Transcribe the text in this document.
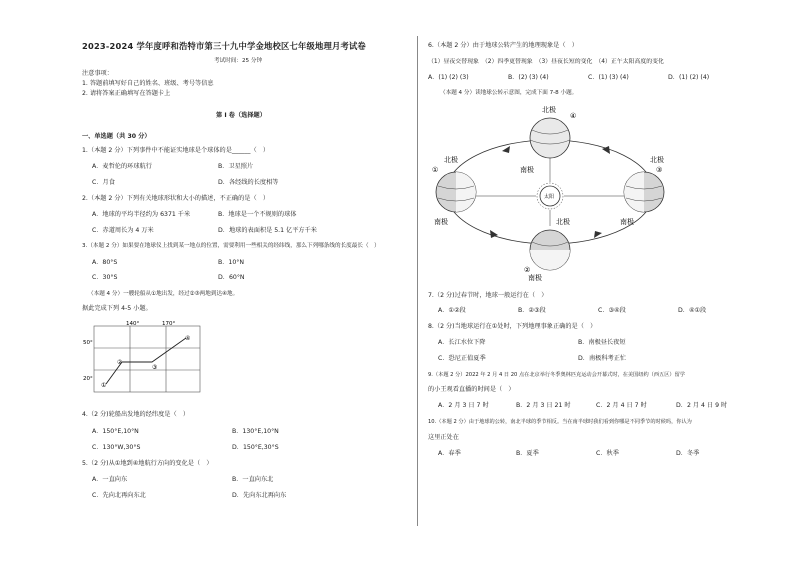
2023-2024 学年度呼和浩特市第三十九中学金地校区七年级地理月考试卷
考试时间：25 分钟
注意事项：
1. 答题前填写好自己的姓名、班级、考号等信息
2. 请将答案正确填写在答题卡上
第 I 卷（选择题）
一、单选题（共 30 分）
1.（本题 2 分）下列事件中不能证实地球是个球体的是______（　）
A．麦哲伦的环球航行	B．卫星照片
C．月食	D．各经线的长度相等
2.（本题 2 分）下列有关地球形状和大小的描述，不正确的是（　）
A．地球的平均半径约为 6371 千米	B．地球是一个不规则的球体
C．赤道周长为 4 万米	D．地球的表面积是 5.1 亿平方千米
3.（本题 2 分）如果要在地球仪上找到某一地点的位置，需要利用一些相关的经纬线，那么下列哪条线的长度最长（　）
A．80°S	B．10°N
C．30°S	D．60°N
（本题 4 分）一艘轮船从①地出发，经过②③两地到达④地。
据此完成下列 4-5 小题。
140°	170°
50°
20°
①
②
③
④
4.（2 分)轮船出发地的经纬度是（　）
A．150°E,10°N	B．130°E,10°N
C．130°W,30°S	D．150°E,30°S
5.（2 分)从①地到④地航行方向的变化是（　）
A．一直向东	B．一直向东北
C．先向北再向东北	D．先向东北再向东
6.（本题 2 分）由于地球公转产生的地理现象是（　）
（1）昼夜交替现象　（2）四季更替现象　（3）昼夜长短的变化　（4）正午太阳高度的变化
A．(1) (2) (3)	B．(2) (3) (4)	C．(1) (3) (4)	D．(1) (2) (4)
（本题 4 分）读地球公转示意图，完成下面 7-8 小题。
太阳
北极
南极
北极
南极
①
北极
南极
③
北极
南极
②
④
7.（2 分)过春节时，地球一般运行在（　）
A．①②段	B．②③段	C．③④段	D．④①段
8.（2 分)当地球运行在①处时，下列地理事象正确的是（　）
A．长江水位下降	B．南极昼长夜短
C．恐尼正值夏季	D．南极科考正忙
9.（本题 2 分）2022 年 2 月 4 日 20 点在北京举行冬季奥林匹克运动会开幕式时，在美国纽约（西五区）留学
的小王观看直播的时间是（　）
A．2 月 3 日 7 时	B．2 月 3 日 21 时	C．2 月 4 日 7 时	D．2 月 4 日 9 时
10.（本题 2 分）由于地球的公转，南北半球的季节相反。当在南半球时我们看到你哪是不同季节的时候吗，你认为
这里正处在
A．春季	B．夏季	C．秋季	D．冬季
